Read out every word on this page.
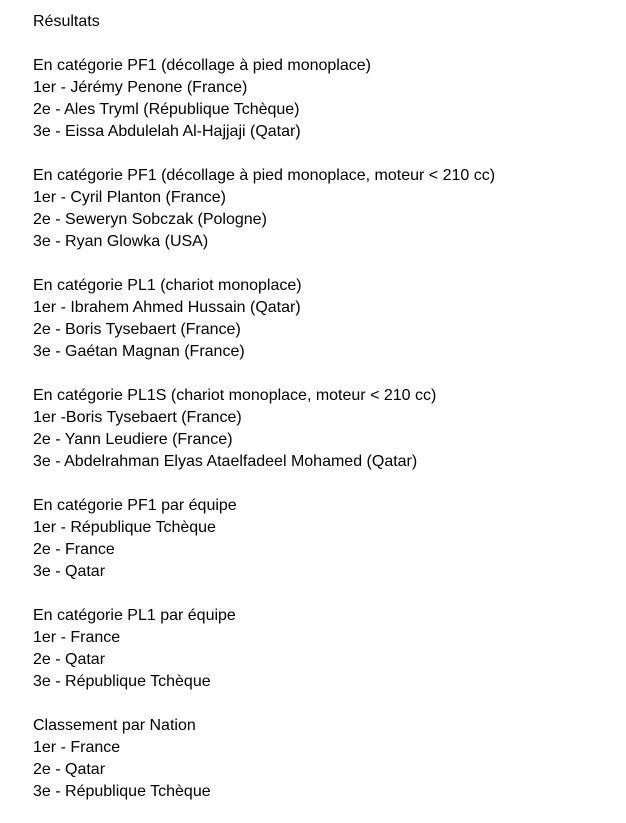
Résultats

En catégorie PF1 (décollage à pied monoplace)

1er - Jérémy Penone (France)

2e - Ales Tryml (République Tchèque)

3e - Eissa Abdulelah Al-Hajjaji (Qatar)

En catégorie PF1 (décollage à pied monoplace, moteur < 210 cc)

1er - Cyril Planton (France)

2e - Seweryn Sobczak (Pologne)

3e - Ryan Glowka (USA)

En catégorie PL1 (chariot monoplace)

1er - Ibrahem Ahmed Hussain (Qatar)

2e - Boris Tysebaert (France)

3e - Gaétan Magnan (France)

En catégorie PL1S (chariot monoplace, moteur < 210 cc)

1er -Boris Tysebaert (France)

2e - Yann Leudiere (France)

3e - Abdelrahman Elyas Ataelfadeel Mohamed (Qatar)

En catégorie PF1 par équipe

1er - République Tchèque

2e - France

3e - Qatar

En catégorie PL1 par équipe

1er - France

2e - Qatar

3e - République Tchèque

Classement par Nation

1er - France

2e - Qatar

3e - République Tchèque
